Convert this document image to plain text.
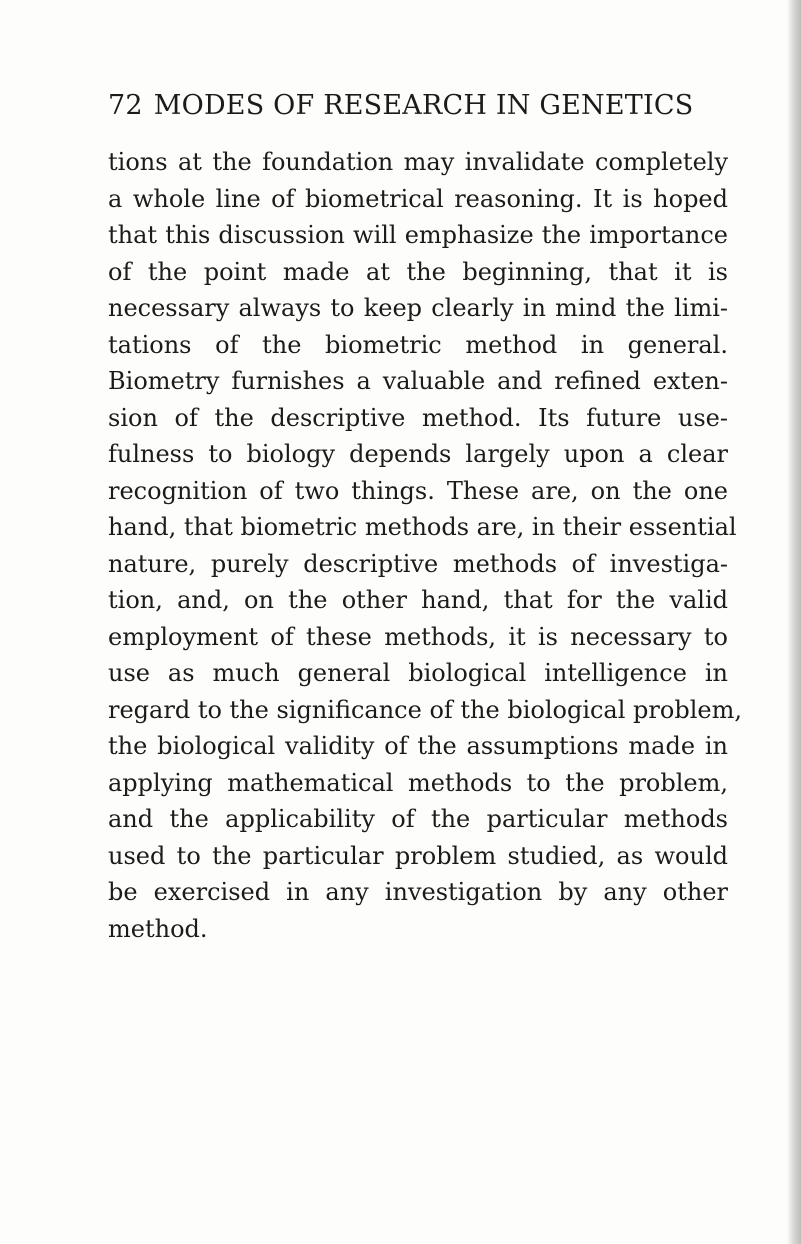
72 MODES OF RESEARCH IN GENETICS
tions at the foundation may invalidate completely
a whole line of biometrical reasoning. It is hoped
that this discussion will emphasize the importance
of the point made at the beginning, that it is
necessary always to keep clearly in mind the limi-
tations of the biometric method in general.
Biometry furnishes a valuable and refined exten-
sion of the descriptive method. Its future use-
fulness to biology depends largely upon a clear
recognition of two things. These are, on the one
hand, that biometric methods are, in their essential
nature, purely descriptive methods of investiga-
tion, and, on the other hand, that for the valid
employment of these methods, it is necessary to
use as much general biological intelligence in
regard to the significance of the biological problem,
the biological validity of the assumptions made in
applying mathematical methods to the problem,
and the applicability of the particular methods
used to the particular problem studied, as would
be exercised in any investigation by any other
method.
